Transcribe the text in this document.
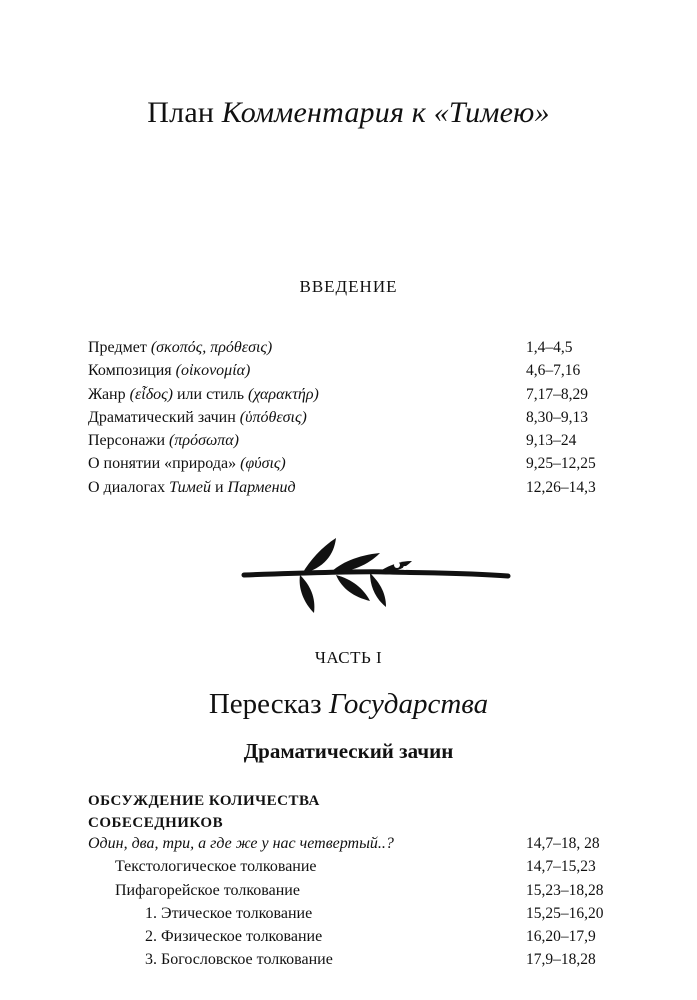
План Комментария к «Тимею»
ВВЕДЕНИЕ
Предмет (σκοπός, πρόθεσις)	1,4–4,5
Композиция (οἰκονομία)	4,6–7,16
Жанр (εἶδος) или стиль (χαρακτήρ)	7,17–8,29
Драматический зачин (ὑπόθεσις)	8,30–9,13
Персонажи (πρόσωπα)	9,13–24
О понятии «природа» (φύσις)	9,25–12,25
О диалогах Тимей и Парменид	12,26–14,3
ЧАСТЬ I
Пересказ Государства
Драматический зачин
ОБСУЖДЕНИЕ КОЛИЧЕСТВА
СОБЕСЕДНИКОВ
Один, два, три, а где же у нас четвертый..?	14,7–18, 28
Текстологическое толкование	14,7–15,23
Пифагорейское толкование	15,23–18,28
1. Этическое толкование	15,25–16,20
2. Физическое толкование	16,20–17,9
3. Богословское толкование	17,9–18,28
